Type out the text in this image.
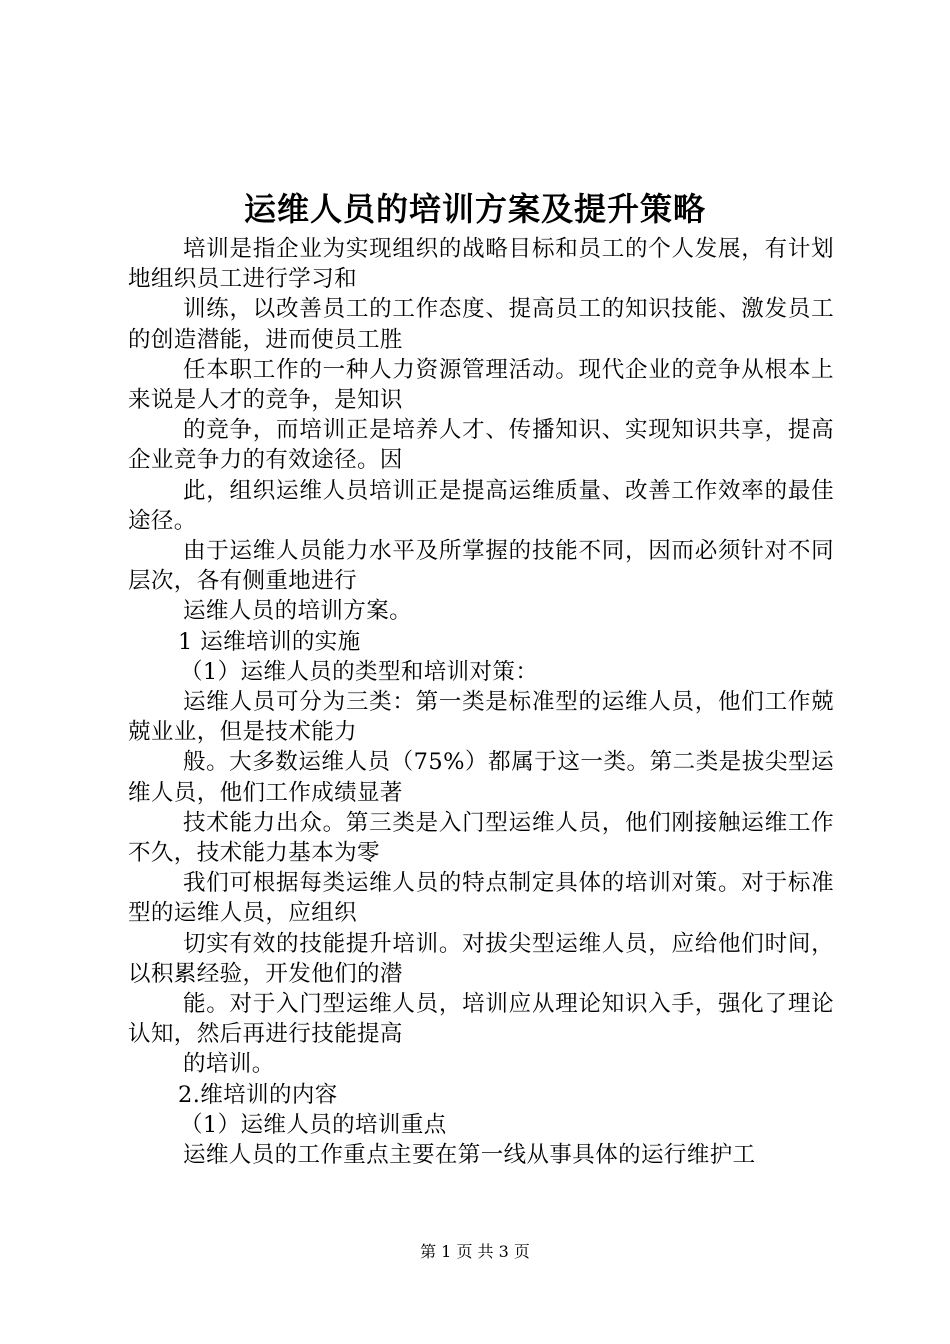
运维人员的培训方案及提升策略

培训是指企业为实现组织的战略目标和员工的个人发展，有计划地组织员工进行学习和

训练，以改善员工的工作态度、提高员工的知识技能、激发员工的创造潜能，进而使员工胜

任本职工作的一种人力资源管理活动。现代企业的竞争从根本上来说是人才的竞争，是知识

的竞争，而培训正是培养人才、传播知识、实现知识共享，提高企业竞争力的有效途径。因

此，组织运维人员培训正是提高运维质量、改善工作效率的最佳途径。

由于运维人员能力水平及所掌握的技能不同，因而必须针对不同层次，各有侧重地进行

运维人员的培训方案。

1 运维培训的实施

（1）运维人员的类型和培训对策：

运维人员可分为三类：第一类是标准型的运维人员，他们工作兢兢业业，但是技术能力

般。大多数运维人员（75%）都属于这一类。第二类是拔尖型运维人员，他们工作成绩显著

技术能力出众。第三类是入门型运维人员，他们刚接触运维工作不久，技术能力基本为零

我们可根据每类运维人员的特点制定具体的培训对策。对于标准型的运维人员，应组织

切实有效的技能提升培训。对拔尖型运维人员，应给他们时间，以积累经验，开发他们的潜

能。对于入门型运维人员，培训应从理论知识入手，强化了理论认知，然后再进行技能提高

的培训。

2.维培训的内容

（1）运维人员的培训重点

运维人员的工作重点主要在第一线从事具体的运行维护工

第 1 页 共 3 页
